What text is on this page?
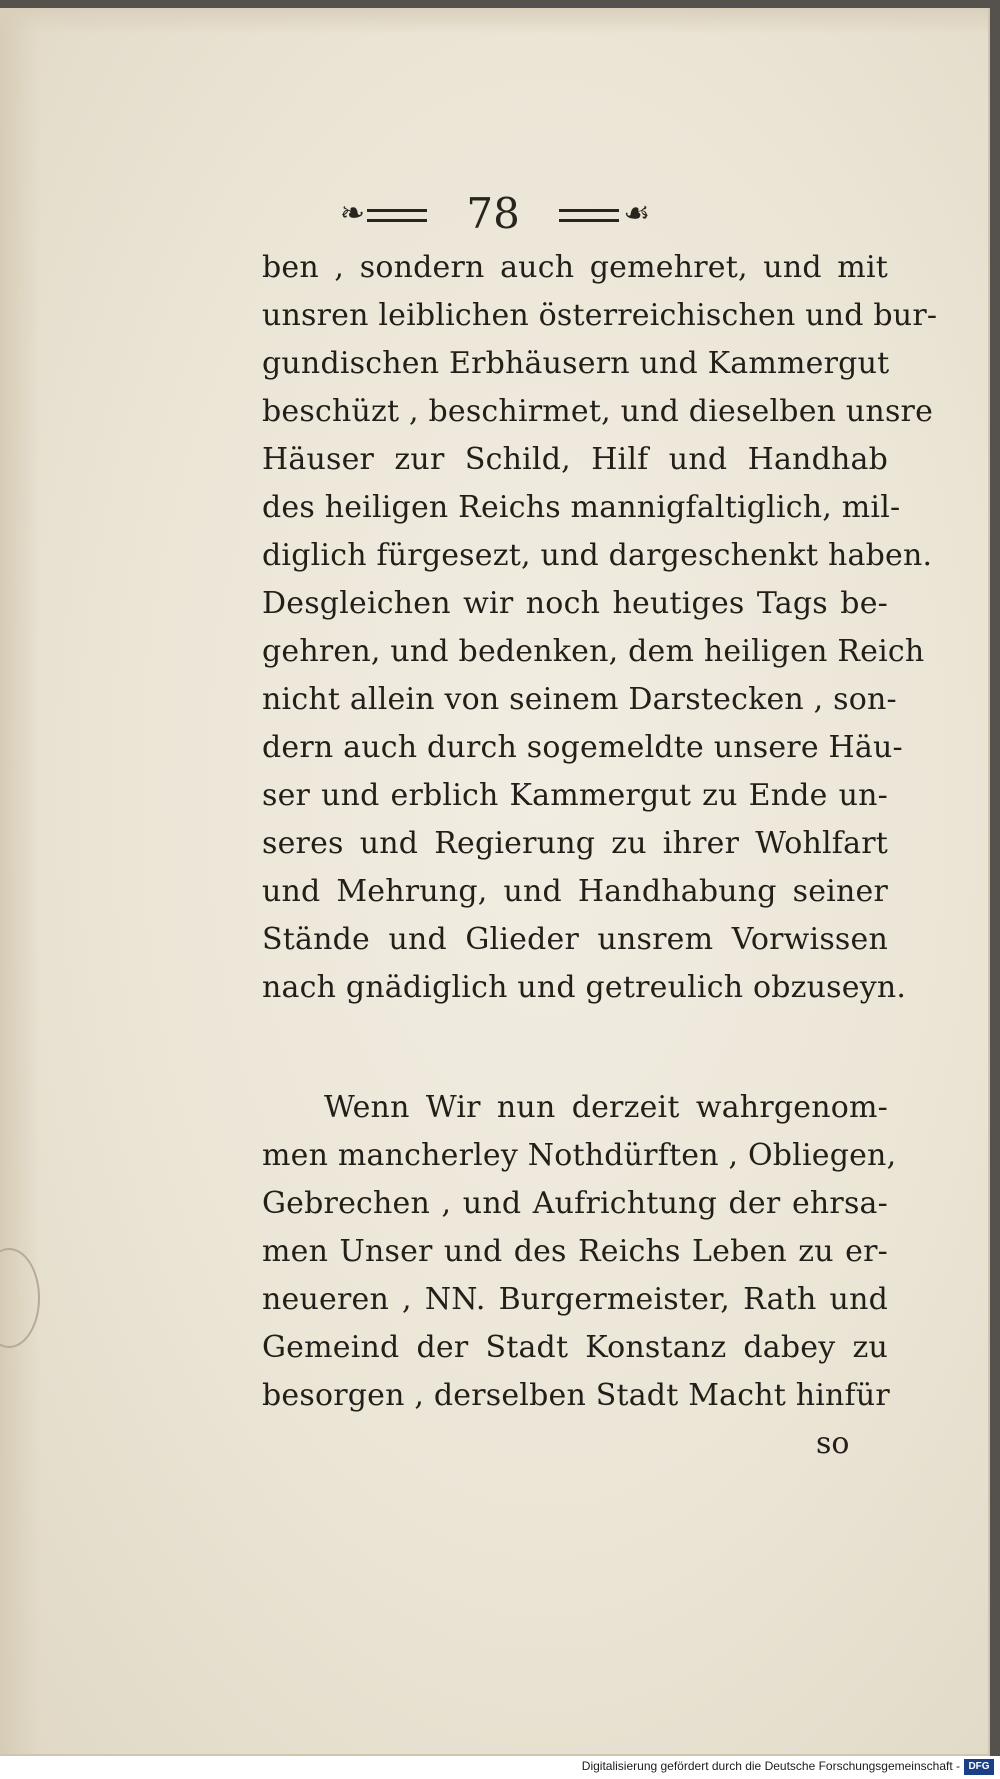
❧ 78	☙
ben , sondern auch gemehret, und mit
unsren leiblichen österreichischen und bur-
gundischen Erbhäusern und Kammergut
beschüzt , beschirmet, und dieselben unsre
Häuser zur Schild, Hilf und Handhab
des heiligen Reichs mannigfaltiglich, mil-
diglich fürgesezt, und dargeschenkt haben.
Desgleichen wir noch heutiges Tags be-
gehren, und bedenken, dem heiligen Reich
nicht allein von seinem Darstecken , son-
dern auch durch sogemeldte unsere Häu-
ser und erblich Kammergut zu Ende un-
seres und Regierung zu ihrer Wohlfart
und Mehrung, und Handhabung seiner
Stände und Glieder unsrem Vorwissen
nach gnädiglich und getreulich obzuseyn.
Wenn Wir nun derzeit wahrgenom-
men mancherley Nothdürften , Obliegen,
Gebrechen , und Aufrichtung der ehrsa-
men Unser und des Reichs Leben zu er-
neueren , NN. Burgermeister, Rath und
Gemeind der Stadt Konstanz dabey zu
besorgen , derselben Stadt Macht hinfür
so
Digitalisierung gefördert durch die Deutsche Forschungsgemeinschaft - DFG
